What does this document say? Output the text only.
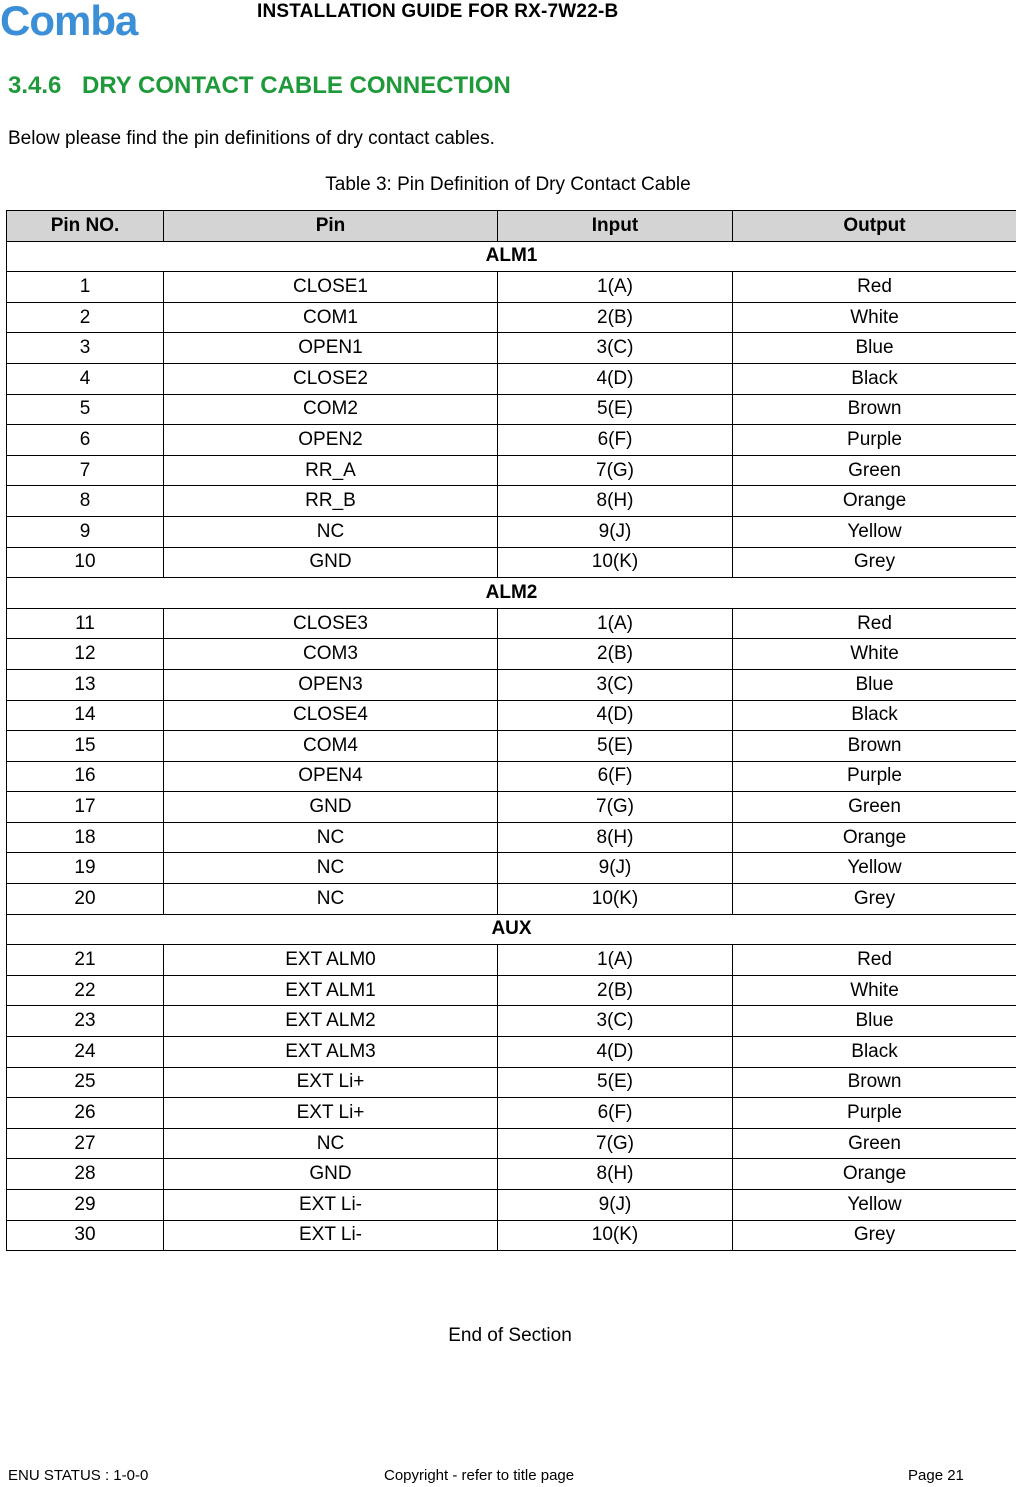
Comba	INSTALLATION GUIDE FOR RX-7W22-B
3.4.6 DRY CONTACT CABLE CONNECTION
Below please find the pin definitions of dry contact cables.
Table 3: Pin Definition of Dry Contact Cable
Pin NO.	Pin	Input	Output
ALM1			
1	CLOSE1	1(A)	Red
2	COM1	2(B)	White
3	OPEN1	3(C)	Blue
4	CLOSE2	4(D)	Black
5	COM2	5(E)	Brown
6	OPEN2	6(F)	Purple
7	RR_A	7(G)	Green
8	RR_B	8(H)	Orange
9	NC	9(J)	Yellow
10	GND	10(K)	Grey
ALM2			
11	CLOSE3	1(A)	Red
12	COM3	2(B)	White
13	OPEN3	3(C)	Blue
14	CLOSE4	4(D)	Black
15	COM4	5(E)	Brown
16	OPEN4	6(F)	Purple
17	GND	7(G)	Green
18	NC	8(H)	Orange
19	NC	9(J)	Yellow
20	NC	10(K)	Grey
AUX			
21	EXT ALM0	1(A)	Red
22	EXT ALM1	2(B)	White
23	EXT ALM2	3(C)	Blue
24	EXT ALM3	4(D)	Black
25	EXT Li+	5(E)	Brown
26	EXT Li+	6(F)	Purple
27	NC	7(G)	Green
28	GND	8(H)	Orange
29	EXT Li-	9(J)	Yellow
30	EXT Li-	10(K)	Grey
End of Section
ENU STATUS : 1-0-0	Copyright - refer to title page	Page 21
